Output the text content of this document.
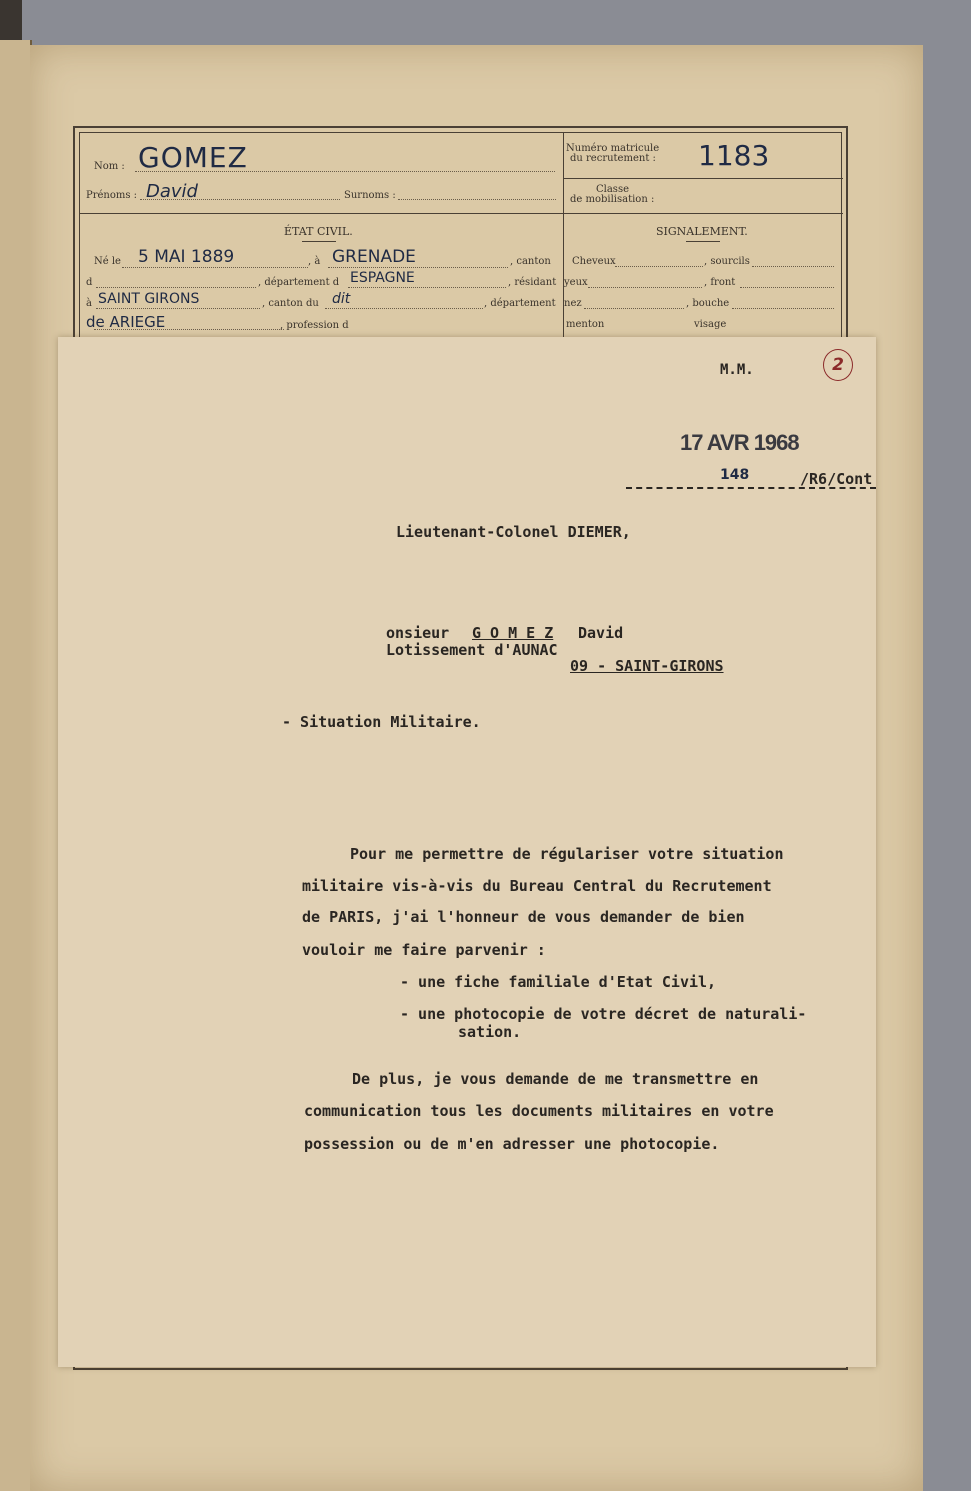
Nom : GOMEZ
Prénoms : David	Surnoms :
Numéro matricule
du recrutement : 1183
Classe
de mobilisation :
ÉTAT CIVIL.	SIGNALEMENT.
Né le 5 MAI 1889	, à GRENADE	, canton
d	, département d ESPAGNE	, résidant
à SAINT GIRONS	, canton du dit	, département
de ARIEGE	, profession d
Cheveux	, sourcils
yeux	, front
nez	, bouche
menton	visage
M.M.	2
17 AVR 1968
148	/R6/Cont
Lieutenant-Colonel DIEMER,
onsieur G O M E Z David
Lotissement d'AUNAC
09 - SAINT-GIRONS
- Situation Militaire.
Pour me permettre de régulariser votre situation
militaire vis-à-vis du Bureau Central du Recrutement
de PARIS, j'ai l'honneur de vous demander de bien
vouloir me faire parvenir :
- une fiche familiale d'Etat Civil,
- une photocopie de votre décret de naturali-
sation.
De plus, je vous demande de me transmettre en
communication tous les documents militaires en votre
possession ou de m'en adresser une photocopie.
